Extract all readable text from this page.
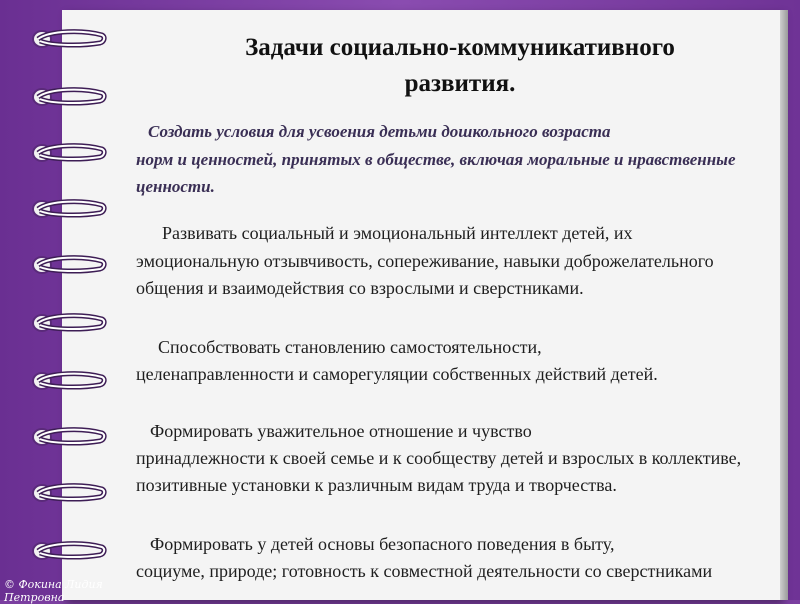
Задачи социально-коммуникативного
развития.
Создать условия для усвоения детьми дошкольного возраста
норм и ценностей, принятых в обществе, включая моральные и нравственные ценности.
Развивать социальный и эмоциональный интеллект детей, их
эмоциональную отзывчивость, сопереживание, навыки доброжелательного общения и взаимодействия со взрослыми и сверстниками.
Способствовать становлению самостоятельности,
целенаправленности и саморегуляции собственных действий детей.
Формировать уважительное отношение и чувство
принадлежности к своей семье и к сообществу детей и взрослых в коллективе, позитивные установки к различным видам труда и творчества.
Формировать у детей основы безопасного поведения в быту,
социуме, природе; готовность к совместной деятельности со сверстниками
© Фокина Лидия Петровна
